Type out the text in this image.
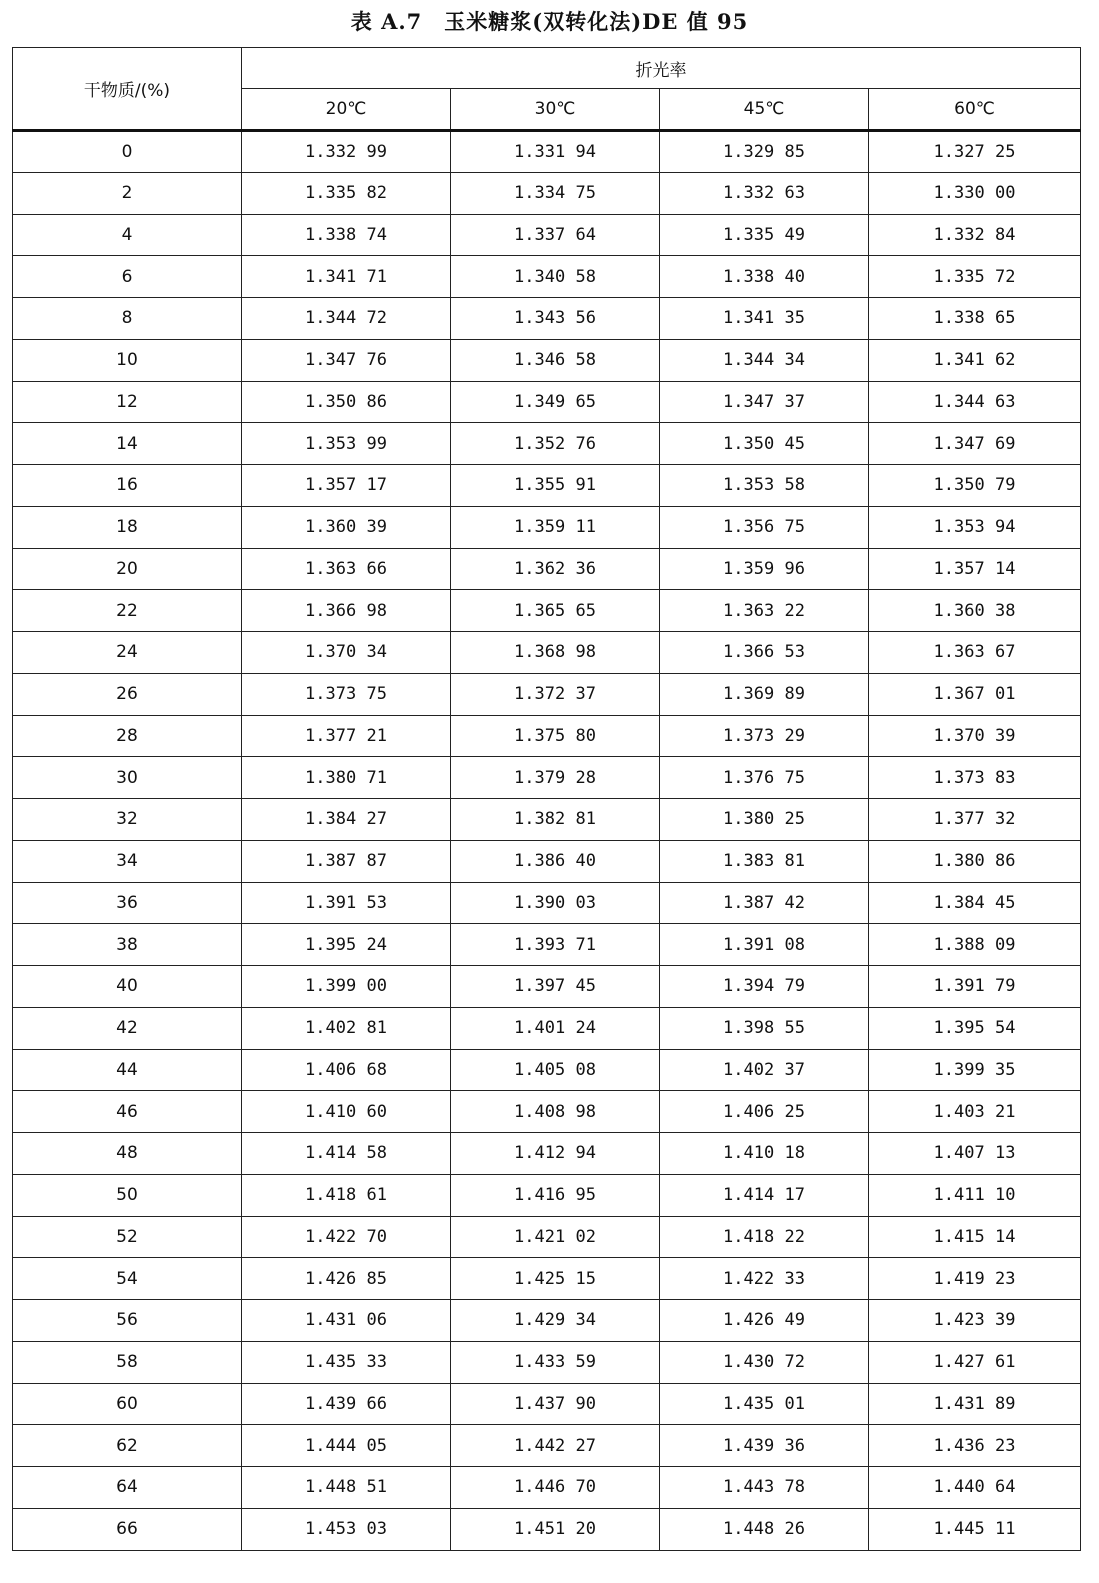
表 A.7　玉米糖浆(双转化法)DE 值 95
干物质/(%)	折光率			
	20℃	30℃	45℃	60℃
0	1.332 99	1.331 94	1.329 85	1.327 25
2	1.335 82	1.334 75	1.332 63	1.330 00
4	1.338 74	1.337 64	1.335 49	1.332 84
6	1.341 71	1.340 58	1.338 40	1.335 72
8	1.344 72	1.343 56	1.341 35	1.338 65
10	1.347 76	1.346 58	1.344 34	1.341 62
12	1.350 86	1.349 65	1.347 37	1.344 63
14	1.353 99	1.352 76	1.350 45	1.347 69
16	1.357 17	1.355 91	1.353 58	1.350 79
18	1.360 39	1.359 11	1.356 75	1.353 94
20	1.363 66	1.362 36	1.359 96	1.357 14
22	1.366 98	1.365 65	1.363 22	1.360 38
24	1.370 34	1.368 98	1.366 53	1.363 67
26	1.373 75	1.372 37	1.369 89	1.367 01
28	1.377 21	1.375 80	1.373 29	1.370 39
30	1.380 71	1.379 28	1.376 75	1.373 83
32	1.384 27	1.382 81	1.380 25	1.377 32
34	1.387 87	1.386 40	1.383 81	1.380 86
36	1.391 53	1.390 03	1.387 42	1.384 45
38	1.395 24	1.393 71	1.391 08	1.388 09
40	1.399 00	1.397 45	1.394 79	1.391 79
42	1.402 81	1.401 24	1.398 55	1.395 54
44	1.406 68	1.405 08	1.402 37	1.399 35
46	1.410 60	1.408 98	1.406 25	1.403 21
48	1.414 58	1.412 94	1.410 18	1.407 13
50	1.418 61	1.416 95	1.414 17	1.411 10
52	1.422 70	1.421 02	1.418 22	1.415 14
54	1.426 85	1.425 15	1.422 33	1.419 23
56	1.431 06	1.429 34	1.426 49	1.423 39
58	1.435 33	1.433 59	1.430 72	1.427 61
60	1.439 66	1.437 90	1.435 01	1.431 89
62	1.444 05	1.442 27	1.439 36	1.436 23
64	1.448 51	1.446 70	1.443 78	1.440 64
66	1.453 03	1.451 20	1.448 26	1.445 11
